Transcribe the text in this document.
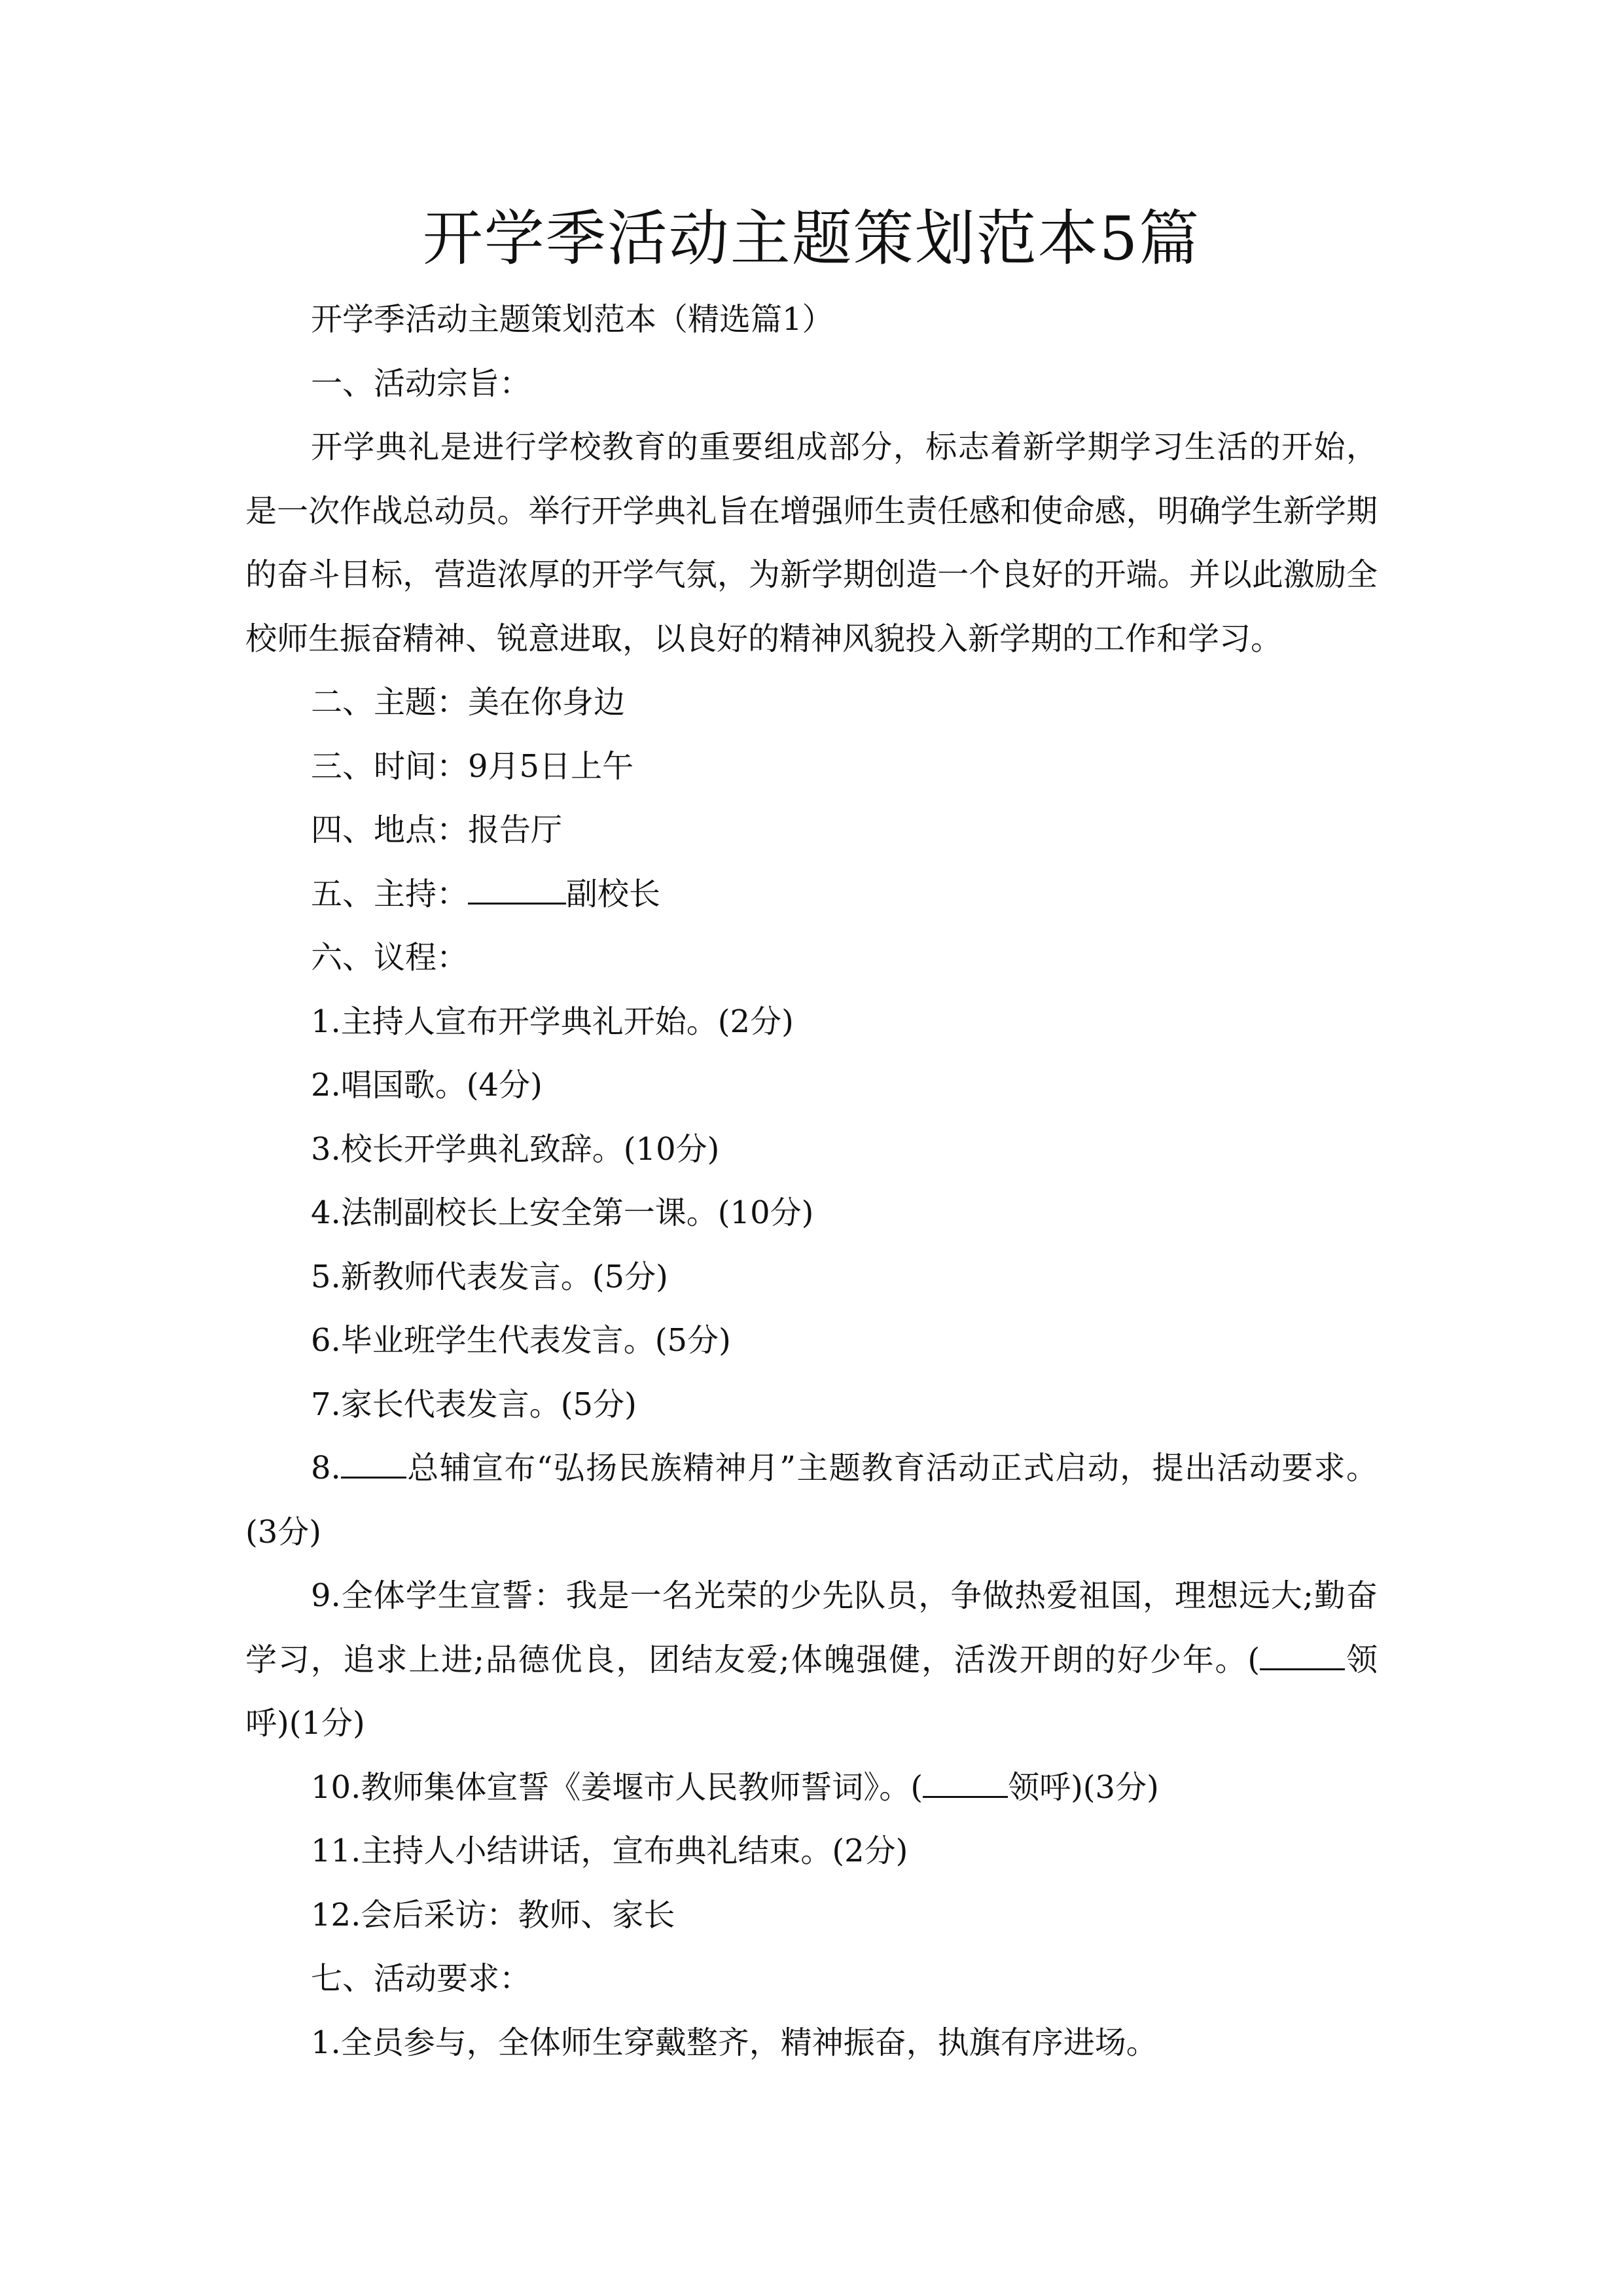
开学季活动主题策划范本5篇

开学季活动主题策划范本（精选篇1）

一、活动宗旨：

开学典礼是进行学校教育的重要组成部分，标志着新学期学习生活的开始，是一次作战总动员。举行开学典礼旨在增强师生责任感和使命感，明确学生新学期的奋斗目标，营造浓厚的开学气氛，为新学期创造一个良好的开端。并以此激励全校师生振奋精神、锐意进取，以良好的精神风貌投入新学期的工作和学习。

二、主题：美在你身边

三、时间：9月5日上午

四、地点：报告厅

五、主持：	副校长

六、议程：

1.主持人宣布开学典礼开始。(2分)

2.唱国歌。(4分)

3.校长开学典礼致辞。(10分)

4.法制副校长上安全第一课。(10分)

5.新教师代表发言。(5分)

6.毕业班学生代表发言。(5分)

7.家长代表发言。(5分)

8. 总辅宣布“弘扬民族精神月”主题教育活动正式启动，提出活动要求。(3分)

9.全体学生宣誓：我是一名光荣的少先队员，争做热爱祖国，理想远大;勤奋学习，追求上进;品德优良，团结友爱;体魄强健，活泼开朗的好少年。(	领呼)(1分)

10.教师集体宣誓《姜堰市人民教师誓词》。(	领呼)(3分)

11.主持人小结讲话，宣布典礼结束。(2分)

12.会后采访：教师、家长

七、活动要求：

1.全员参与，全体师生穿戴整齐，精神振奋，执旗有序进场。
